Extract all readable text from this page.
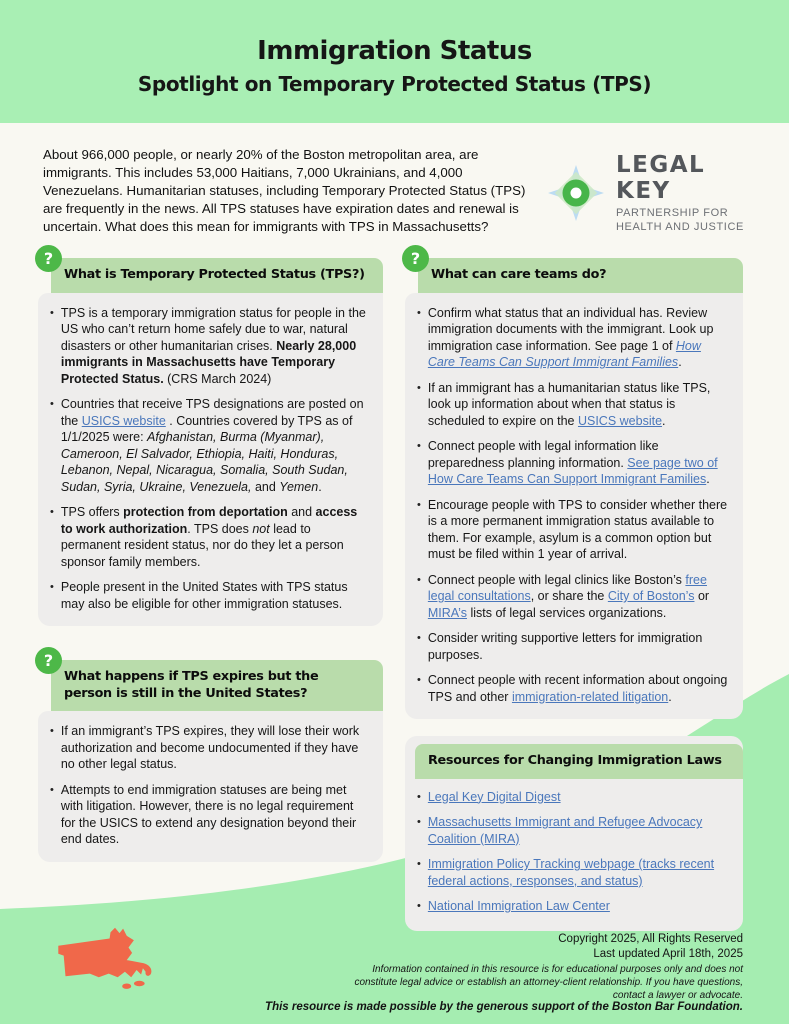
Immigration Status
Spotlight on Temporary Protected Status (TPS)

About 966,000 people, or nearly 20% of the Boston metropolitan area, are immigrants. This includes 53,000 Haitians, 7,000 Ukrainians, and 4,000 Venezuelans. Humanitarian statuses, including Temporary Protected Status (TPS) are frequently in the news. All TPS statuses have expiration dates and renewal is uncertain. What does this mean for immigrants with TPS in Massachusetts?

LEGAL KEY
PARTNERSHIP FOR
HEALTH AND JUSTICE
?
What is Temporary Protected Status (TPS?)
• TPS is a temporary immigration status for people in the US who can’t return home safely due to war, natural disasters or other humanitarian crises. Nearly 28,000 immigrants in Massachusetts have Temporary Protected Status. (CRS March 2024)
• Countries that receive TPS designations are posted on the USICS website . Countries covered by TPS as of 1/1/2025 were: Afghanistan, Burma (Myanmar), Cameroon, El Salvador, Ethiopia, Haiti, Honduras, Lebanon, Nepal, Nicaragua, Somalia, South Sudan, Sudan, Syria, Ukraine, Venezuela, and Yemen.
• TPS offers protection from deportation and access to work authorization. TPS does not lead to permanent resident status, nor do they let a person sponsor family members.
• People present in the United States with TPS status may also be eligible for other immigration statuses.
?
What happens if TPS expires but the person is still in the United States?
• If an immigrant’s TPS expires, they will lose their work authorization and become undocumented if they have no other legal status.
• Attempts to end immigration statuses are being met with litigation. However, there is no legal requirement for the USICS to extend any designation beyond their end dates.
?
What can care teams do?
• Confirm what status that an individual has. Review immigration documents with the immigrant. Look up immigration case information. See page 1 of How Care Teams Can Support Immigrant Families.
• If an immigrant has a humanitarian status like TPS, look up information about when that status is scheduled to expire on the USICS website.
• Connect people with legal information like preparedness planning information. See page two of How Care Teams Can Support Immigrant Families.
• Encourage people with TPS to consider whether there is a more permanent immigration status available to them. For example, asylum is a common option but must be filed within 1 year of arrival.
• Connect people with legal clinics like Boston’s free legal consultations, or share the City of Boston’s or MIRA’s lists of legal services organizations.
• Consider writing supportive letters for immigration purposes.
• Connect people with recent information about ongoing TPS and other immigration-related litigation.
Resources for Changing Immigration Laws
• Legal Key Digital Digest
• Massachusetts Immigrant and Refugee Advocacy Coalition (MIRA)
• Immigration Policy Tracking webpage (tracks recent federal actions, responses, and status)
• National Immigration Law Center
Copyright 2025, All Rights Reserved
Last updated April 18th, 2025
Information contained in this resource is for educational purposes only and does not constitute legal advice or establish an attorney-client relationship. If you have questions, contact a lawyer or advocate.
This resource is made possible by the generous support of the Boston Bar Foundation.
